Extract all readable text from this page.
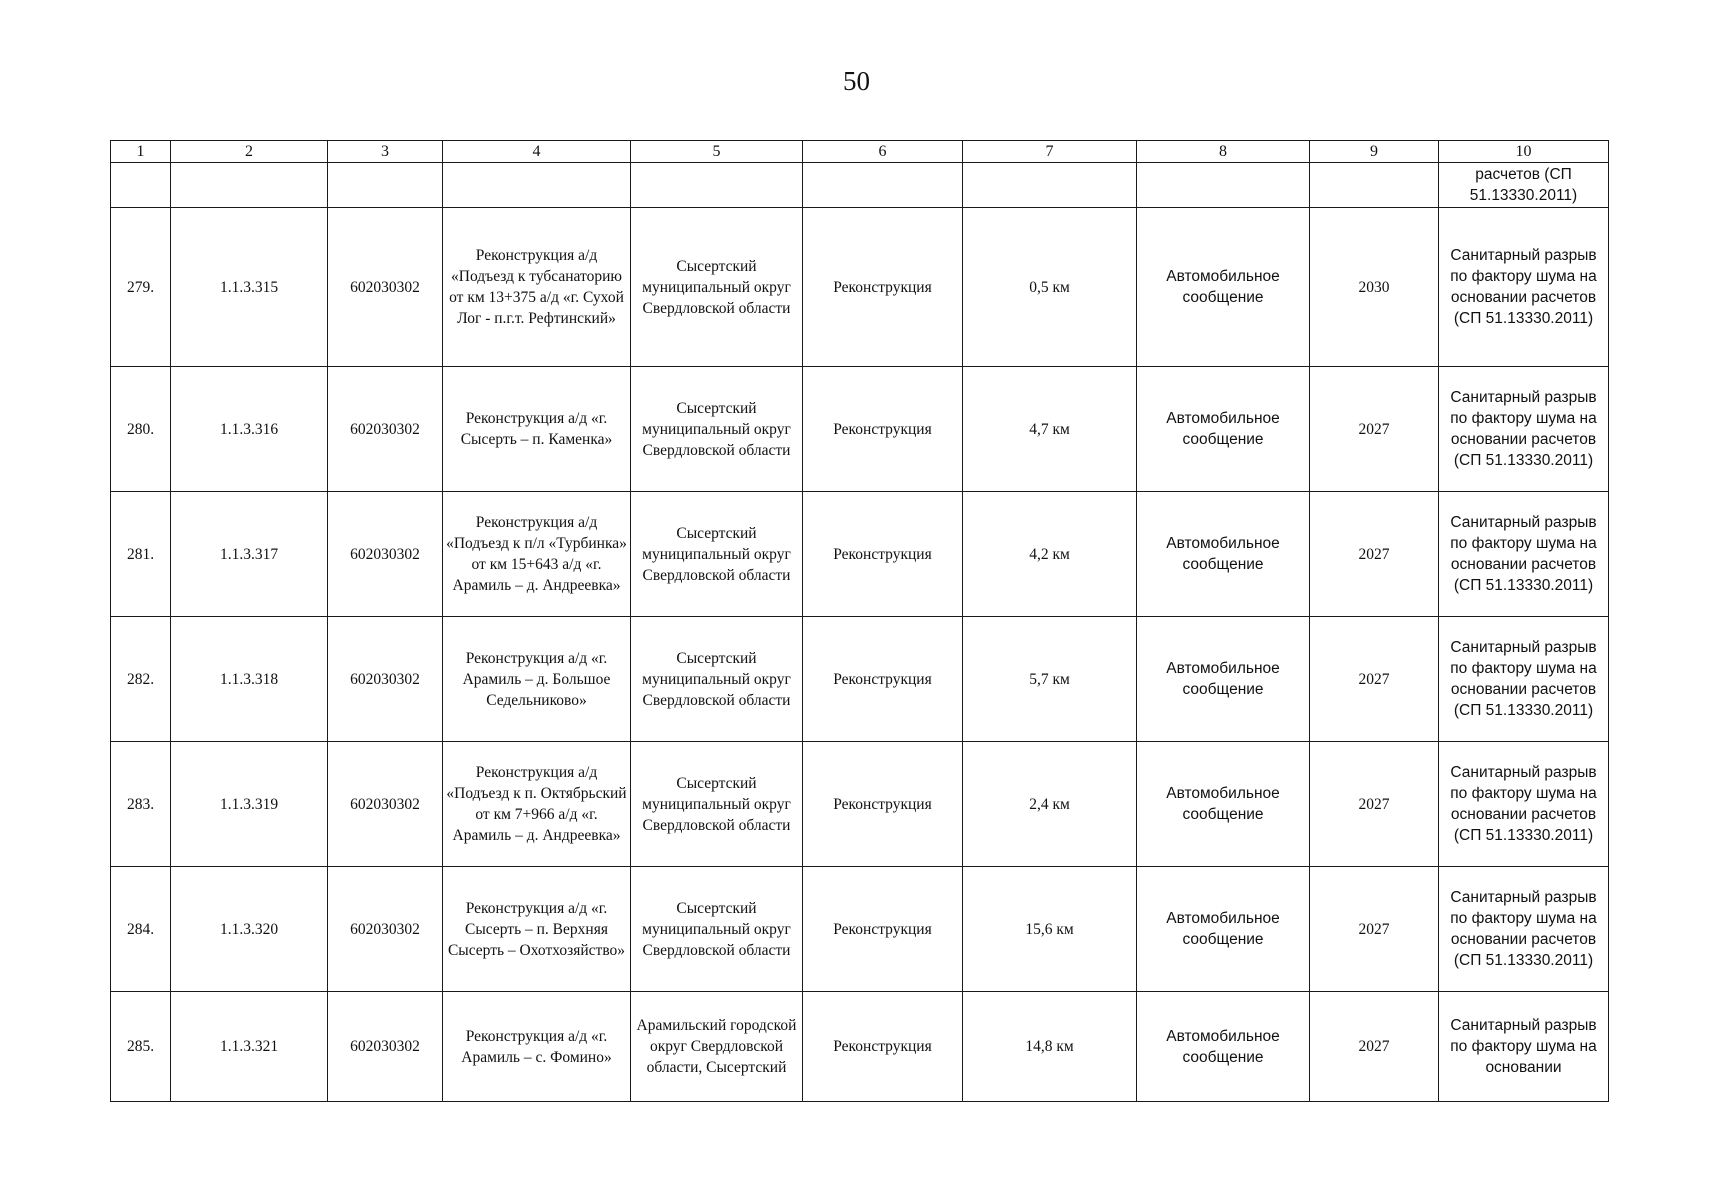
50
1	2	3	4	5	6	7	8	9	10
									расчетов (СП 51.13330.2011)
279.	1.1.3.315	602030302	Реконструкция а/д «Подъезд к тубсанаторию от км 13+375 а/д «г. Сухой Лог - п.г.т. Рефтинский»	Сысертский муниципальный округ Свердловской области	Реконструкция	0,5 км	Автомобильное сообщение	2030	Санитарный разрыв по фактору шума на основании расчетов (СП 51.13330.2011)
280.	1.1.3.316	602030302	Реконструкция а/д «г. Сысерть – п. Каменка»	Сысертский муниципальный округ Свердловской области	Реконструкция	4,7 км	Автомобильное сообщение	2027	Санитарный разрыв по фактору шума на основании расчетов (СП 51.13330.2011)
281.	1.1.3.317	602030302	Реконструкция а/д «Подъезд к п/л «Турбинка» от км 15+643 а/д «г. Арамиль – д. Андреевка»	Сысертский муниципальный округ Свердловской области	Реконструкция	4,2 км	Автомобильное сообщение	2027	Санитарный разрыв по фактору шума на основании расчетов (СП 51.13330.2011)
282.	1.1.3.318	602030302	Реконструкция а/д «г. Арамиль – д. Большое Седельниково»	Сысертский муниципальный округ Свердловской области	Реконструкция	5,7 км	Автомобильное сообщение	2027	Санитарный разрыв по фактору шума на основании расчетов (СП 51.13330.2011)
283.	1.1.3.319	602030302	Реконструкция а/д «Подъезд к п. Октябрьский от км 7+966 а/д «г. Арамиль – д. Андреевка»	Сысертский муниципальный округ Свердловской области	Реконструкция	2,4 км	Автомобильное сообщение	2027	Санитарный разрыв по фактору шума на основании расчетов (СП 51.13330.2011)
284.	1.1.3.320	602030302	Реконструкция а/д «г. Сысерть – п. Верхняя Сысерть – Охотхозяйство»	Сысертский муниципальный округ Свердловской области	Реконструкция	15,6 км	Автомобильное сообщение	2027	Санитарный разрыв по фактору шума на основании расчетов (СП 51.13330.2011)
285.	1.1.3.321	602030302	Реконструкция а/д «г. Арамиль – с. Фомино»	Арамильский городской округ Свердловской области, Сысертский	Реконструкция	14,8 км	Автомобильное сообщение	2027	Санитарный разрыв по фактору шума на основании
